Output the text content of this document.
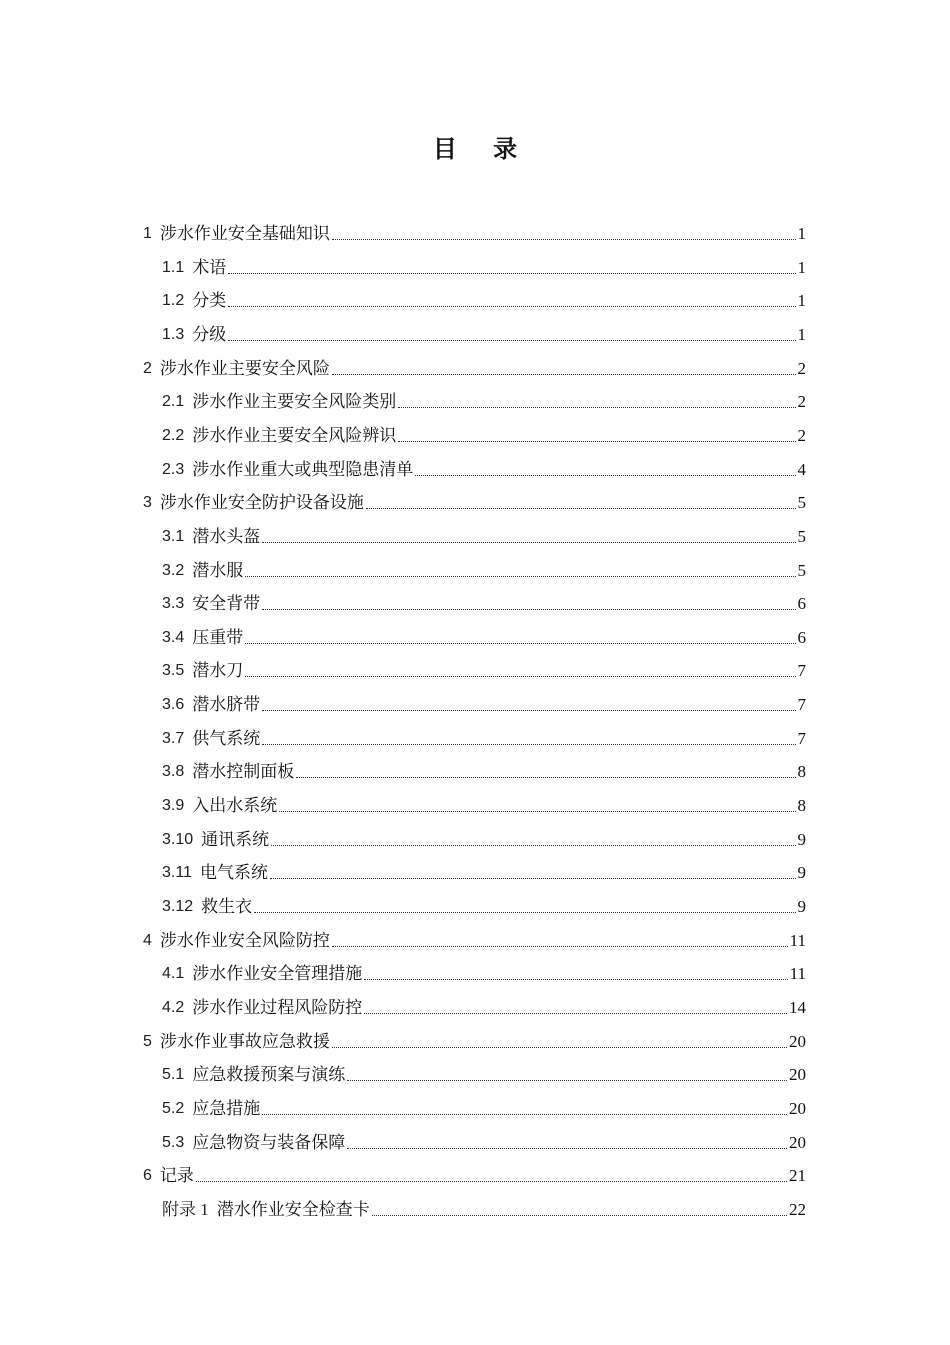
目 录
1 涉水作业安全基础知识	1
1.1 术语	1
1.2 分类	1
1.3 分级	1
2 涉水作业主要安全风险	2
2.1 涉水作业主要安全风险类别	2
2.2 涉水作业主要安全风险辨识	2
2.3 涉水作业重大或典型隐患清单	4
3 涉水作业安全防护设备设施	5
3.1 潜水头盔	5
3.2 潜水服	5
3.3 安全背带	6
3.4 压重带	6
3.5 潜水刀	7
3.6 潜水脐带	7
3.7 供气系统	7
3.8 潜水控制面板	8
3.9 入出水系统	8
3.10 通讯系统	9
3.11 电气系统	9
3.12 救生衣	9
4 涉水作业安全风险防控	11
4.1 涉水作业安全管理措施	11
4.2 涉水作业过程风险防控	14
5 涉水作业事故应急救援	20
5.1 应急救援预案与演练	20
5.2 应急措施	20
5.3 应急物资与装备保障	20
6 记录	21
附录 1 潜水作业安全检查卡	22
